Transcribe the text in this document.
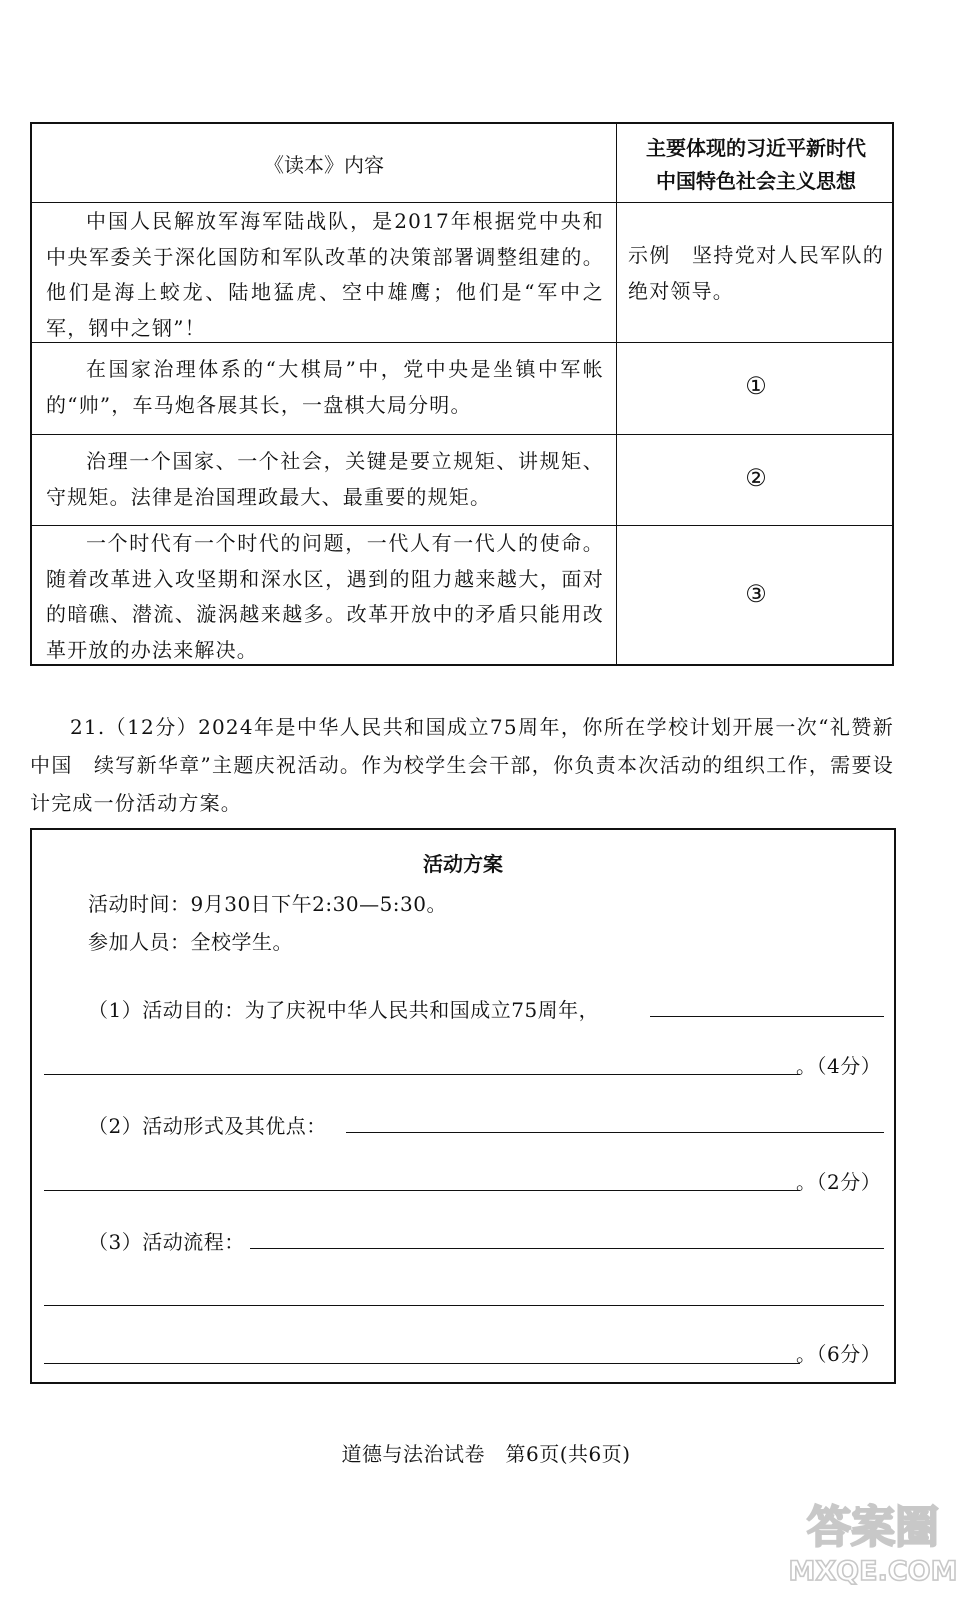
《读本》内容
主要体现的习近平新时代
中国特色社会主义思想
中国人民解放军海军陆战队，是2017年根据党中央和中央军委关于深化国防和军队改革的决策部署调整组建的。他们是海上蛟龙、陆地猛虎、空中雄鹰；他们是“军中之军，钢中之钢”！
示例　坚持党对人民军队的绝对领导。
在国家治理体系的“大棋局”中，党中央是坐镇中军帐的“帅”，车马炮各展其长，一盘棋大局分明。
①
治理一个国家、一个社会，关键是要立规矩、讲规矩、守规矩。法律是治国理政最大、最重要的规矩。
②
一个时代有一个时代的问题，一代人有一代人的使命。随着改革进入攻坚期和深水区，遇到的阻力越来越大，面对的暗礁、潜流、漩涡越来越多。改革开放中的矛盾只能用改革开放的办法来解决。
③
21.（12分）2024年是中华人民共和国成立75周年，你所在学校计划开展一次“礼赞新中国　续写新华章”主题庆祝活动。作为校学生会干部，你负责本次活动的组织工作，需要设计完成一份活动方案。
活动方案
活动时间：9月30日下午2:30—5:30。
参加人员：全校学生。
（1）活动目的：为了庆祝中华人民共和国成立75周年，
。（4分）
（2）活动形式及其优点：
。（2分）
（3）活动流程：
。（6分）
道德与法治试卷　第6页(共6页)
答案圈
MXQE.COM
